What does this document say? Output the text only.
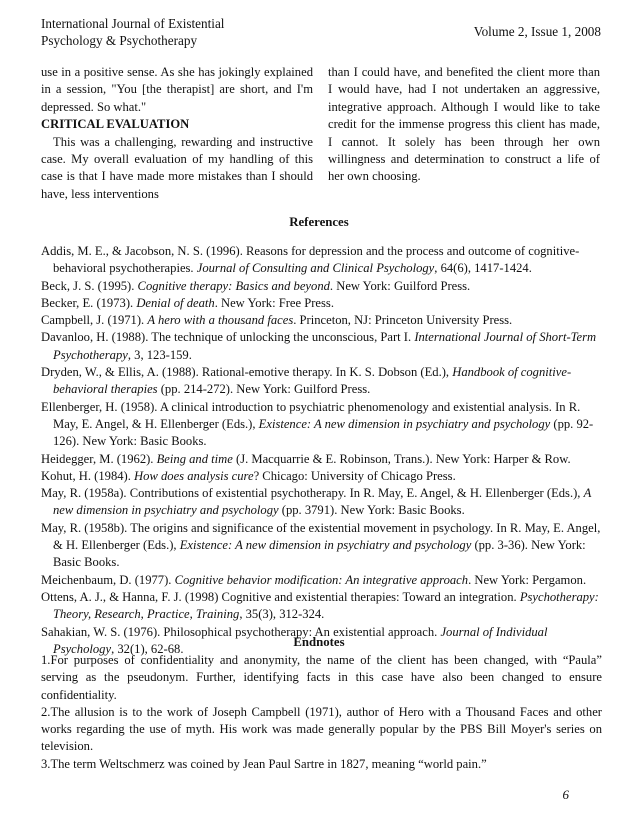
International Journal of Existential
Psychology & Psychotherapy
Volume 2, Issue 1, 2008

use in a positive sense. As she has jokingly explained in a session, "You [the therapist] are short, and I'm depressed. So what."

CRITICAL EVALUATION

This was a challenging, rewarding and instructive case. My overall evaluation of my handling of this case is that I have made more mistakes than I should have, less interventions

than I could have, and benefited the client more than I would have, had I not undertaken an aggressive, integrative approach. Although I would like to take credit for the immense progress this client has made, I cannot. It solely has been through her own willingness and determination to construct a life of her own choosing.

References

Addis, M. E., & Jacobson, N. S. (1996). Reasons for depression and the process and outcome of cognitive-behavioral psychotherapies. Journal of Consulting and Clinical Psychology, 64(6), 1417-1424.

Beck, J. S. (1995). Cognitive therapy: Basics and beyond. New York: Guilford Press.

Becker, E. (1973). Denial of death. New York: Free Press.

Campbell, J. (1971). A hero with a thousand faces. Princeton, NJ: Princeton University Press.

Davanloo, H. (1988). The technique of unlocking the unconscious, Part I. International Journal of Short-Term Psychotherapy, 3, 123-159.

Dryden, W., & Ellis, A. (1988). Rational-emotive therapy. In K. S. Dobson (Ed.), Handbook of cognitive-behavioral therapies (pp. 214-272). New York: Guilford Press.

Ellenberger, H. (1958). A clinical introduction to psychiatric phenomenology and existential analysis. In R. May, E. Angel, & H. Ellenberger (Eds.), Existence: A new dimension in psychiatry and psychology (pp. 92-126). New York: Basic Books.

Heidegger, M. (1962). Being and time (J. Macquarrie & E. Robinson, Trans.). New York: Harper & Row.

Kohut, H. (1984). How does analysis cure? Chicago: University of Chicago Press.

May, R. (1958a). Contributions of existential psychotherapy. In R. May, E. Angel, & H. Ellenberger (Eds.), A new dimension in psychiatry and psychology (pp. 3791). New York: Basic Books.

May, R. (1958b). The origins and significance of the existential movement in psychology. In R. May, E. Angel, & H. Ellenberger (Eds.), Existence: A new dimension in psychiatry and psychology (pp. 3-36). New York: Basic Books.

Meichenbaum, D. (1977). Cognitive behavior modification: An integrative approach. New York: Pergamon.

Ottens, A. J., & Hanna, F. J. (1998) Cognitive and existential therapies: Toward an integration. Psychotherapy: Theory, Research, Practice, Training, 35(3), 312-324.

Sahakian, W. S. (1976). Philosophical psychotherapy: An existential approach. Journal of Individual Psychology, 32(1), 62-68.	Endnotes

1.For purposes of confidentiality and anonymity, the name of the client has been changed, with “Paula” serving as the pseudonym. Further, identifying facts in this case have also been changed to ensure confidentiality.

2.The allusion is to the work of Joseph Campbell (1971), author of Hero with a Thousand Faces and other works regarding the use of myth. His work was made generally popular by the PBS Bill Moyer's series on television.

3.The term Weltschmerz was coined by Jean Paul Sartre in 1827, meaning “world pain.”

6
